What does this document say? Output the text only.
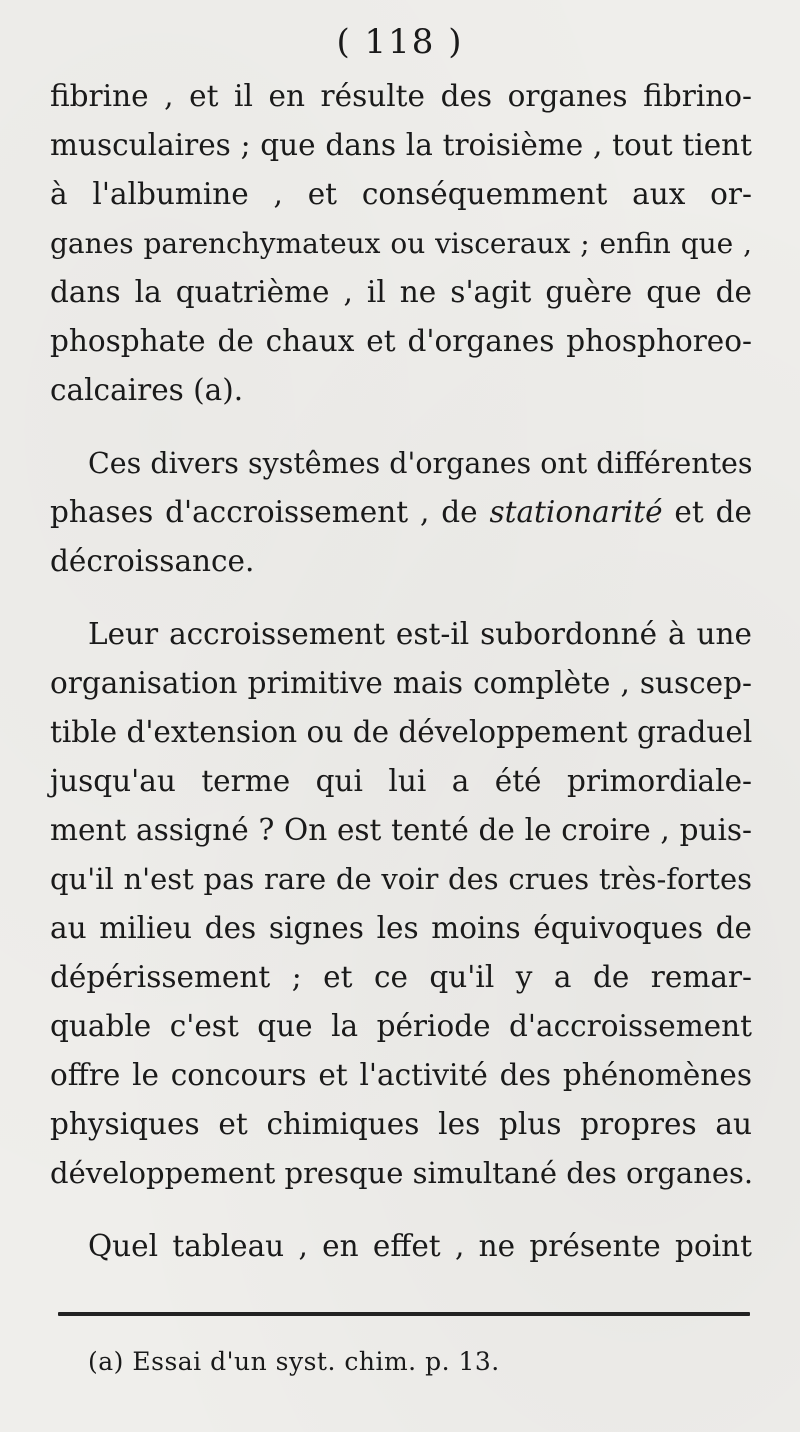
( 118 )
fibrine , et il en résulte des organes fibrino-
musculaires ; que dans la troisième , tout tient
à l'albumine , et conséquemment aux or-
ganes parenchymateux ou visceraux ; enfin que ,
dans la quatrième , il ne s'agit guère que de
phosphate de chaux et d'organes phosphoreo-
calcaires (a).
Ces divers systêmes d'organes ont différentes
phases d'accroissement , de stationarité et de
décroissance.
Leur accroissement est-il subordonné à une
organisation primitive mais complète , suscep-
tible d'extension ou de développement graduel
jusqu'au terme qui lui a été primordiale-
ment assigné ? On est tenté de le croire , puis-
qu'il n'est pas rare de voir des crues très-fortes
au milieu des signes les moins équivoques de
dépérissement ; et ce qu'il y a de remar-
quable c'est que la période d'accroissement
offre le concours et l'activité des phénomènes
physiques et chimiques les plus propres au
développement presque simultané des organes.
Quel tableau , en effet , ne présente point
(a) Essai d'un syst. chim. p. 13.
